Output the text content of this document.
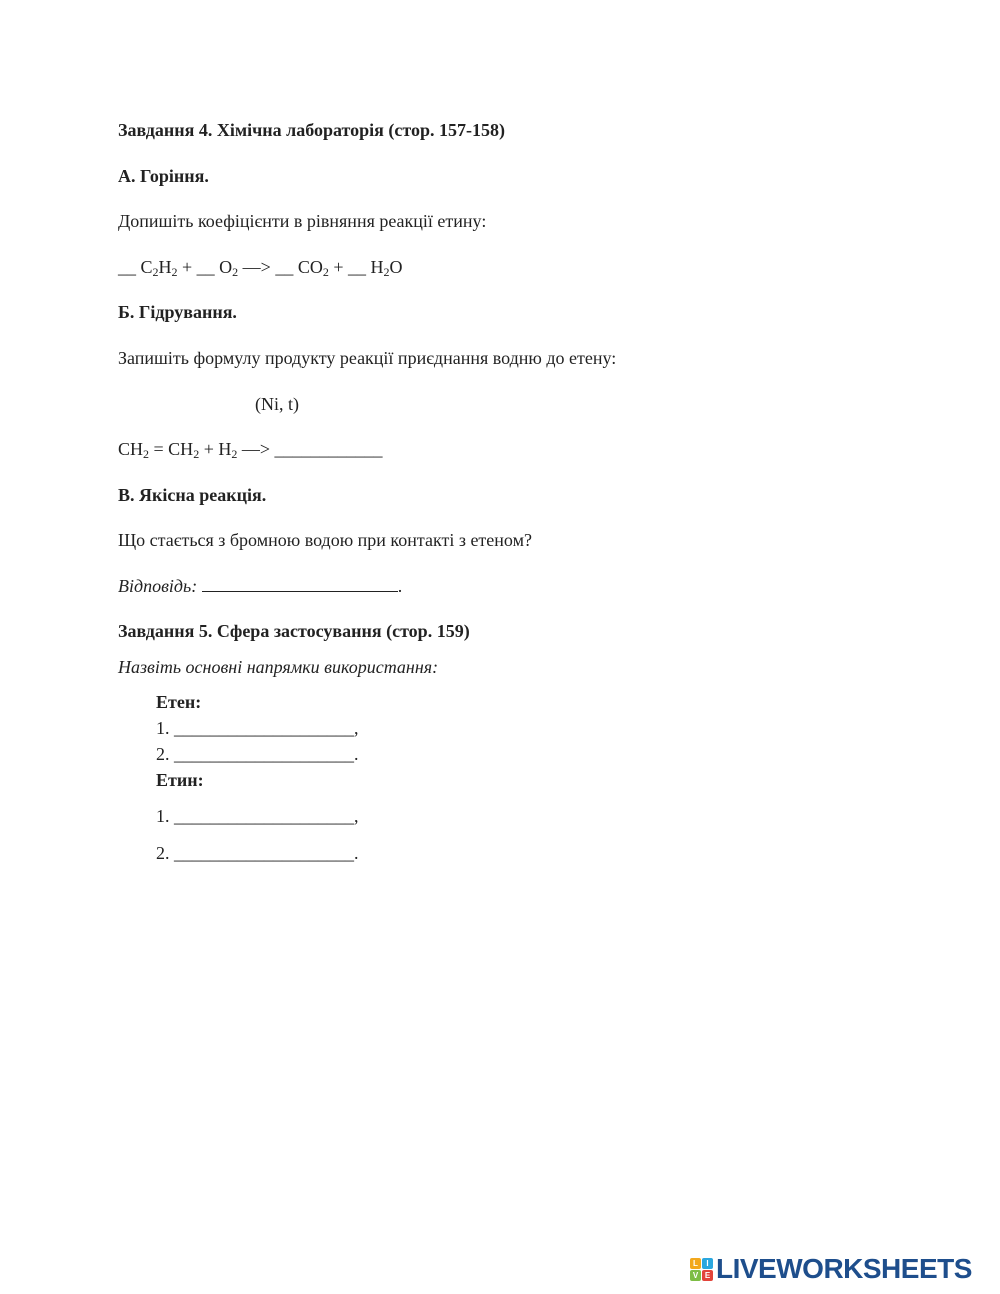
Завдання 4. Хімічна лабораторія (стор. 157-158)
А. Горіння.
Допишіть коефіцієнти в рівняння реакції етину:
__ $C_2H_2$ + __ $O_2$ —> __ $CO_2$ + __ $H_2O$
Б. Гідрування.
Запишіть формулу продукту реакції приєднання водню до етену:
(Ni, t)
$CH_2 = CH_2 + H_2$ —> ____________
В. Якісна реакція.
Що стається з бромною водою при контакті з етеном?
Відповідь:	.
Завдання 5. Сфера застосування (стор. 159)
Назвіть основні напрямки використання:
Етен:
1. ____________________,
2. ____________________.
Етин:
1. ____________________,
2. ____________________.
L	I
V E LIVEWORKSHEETS
